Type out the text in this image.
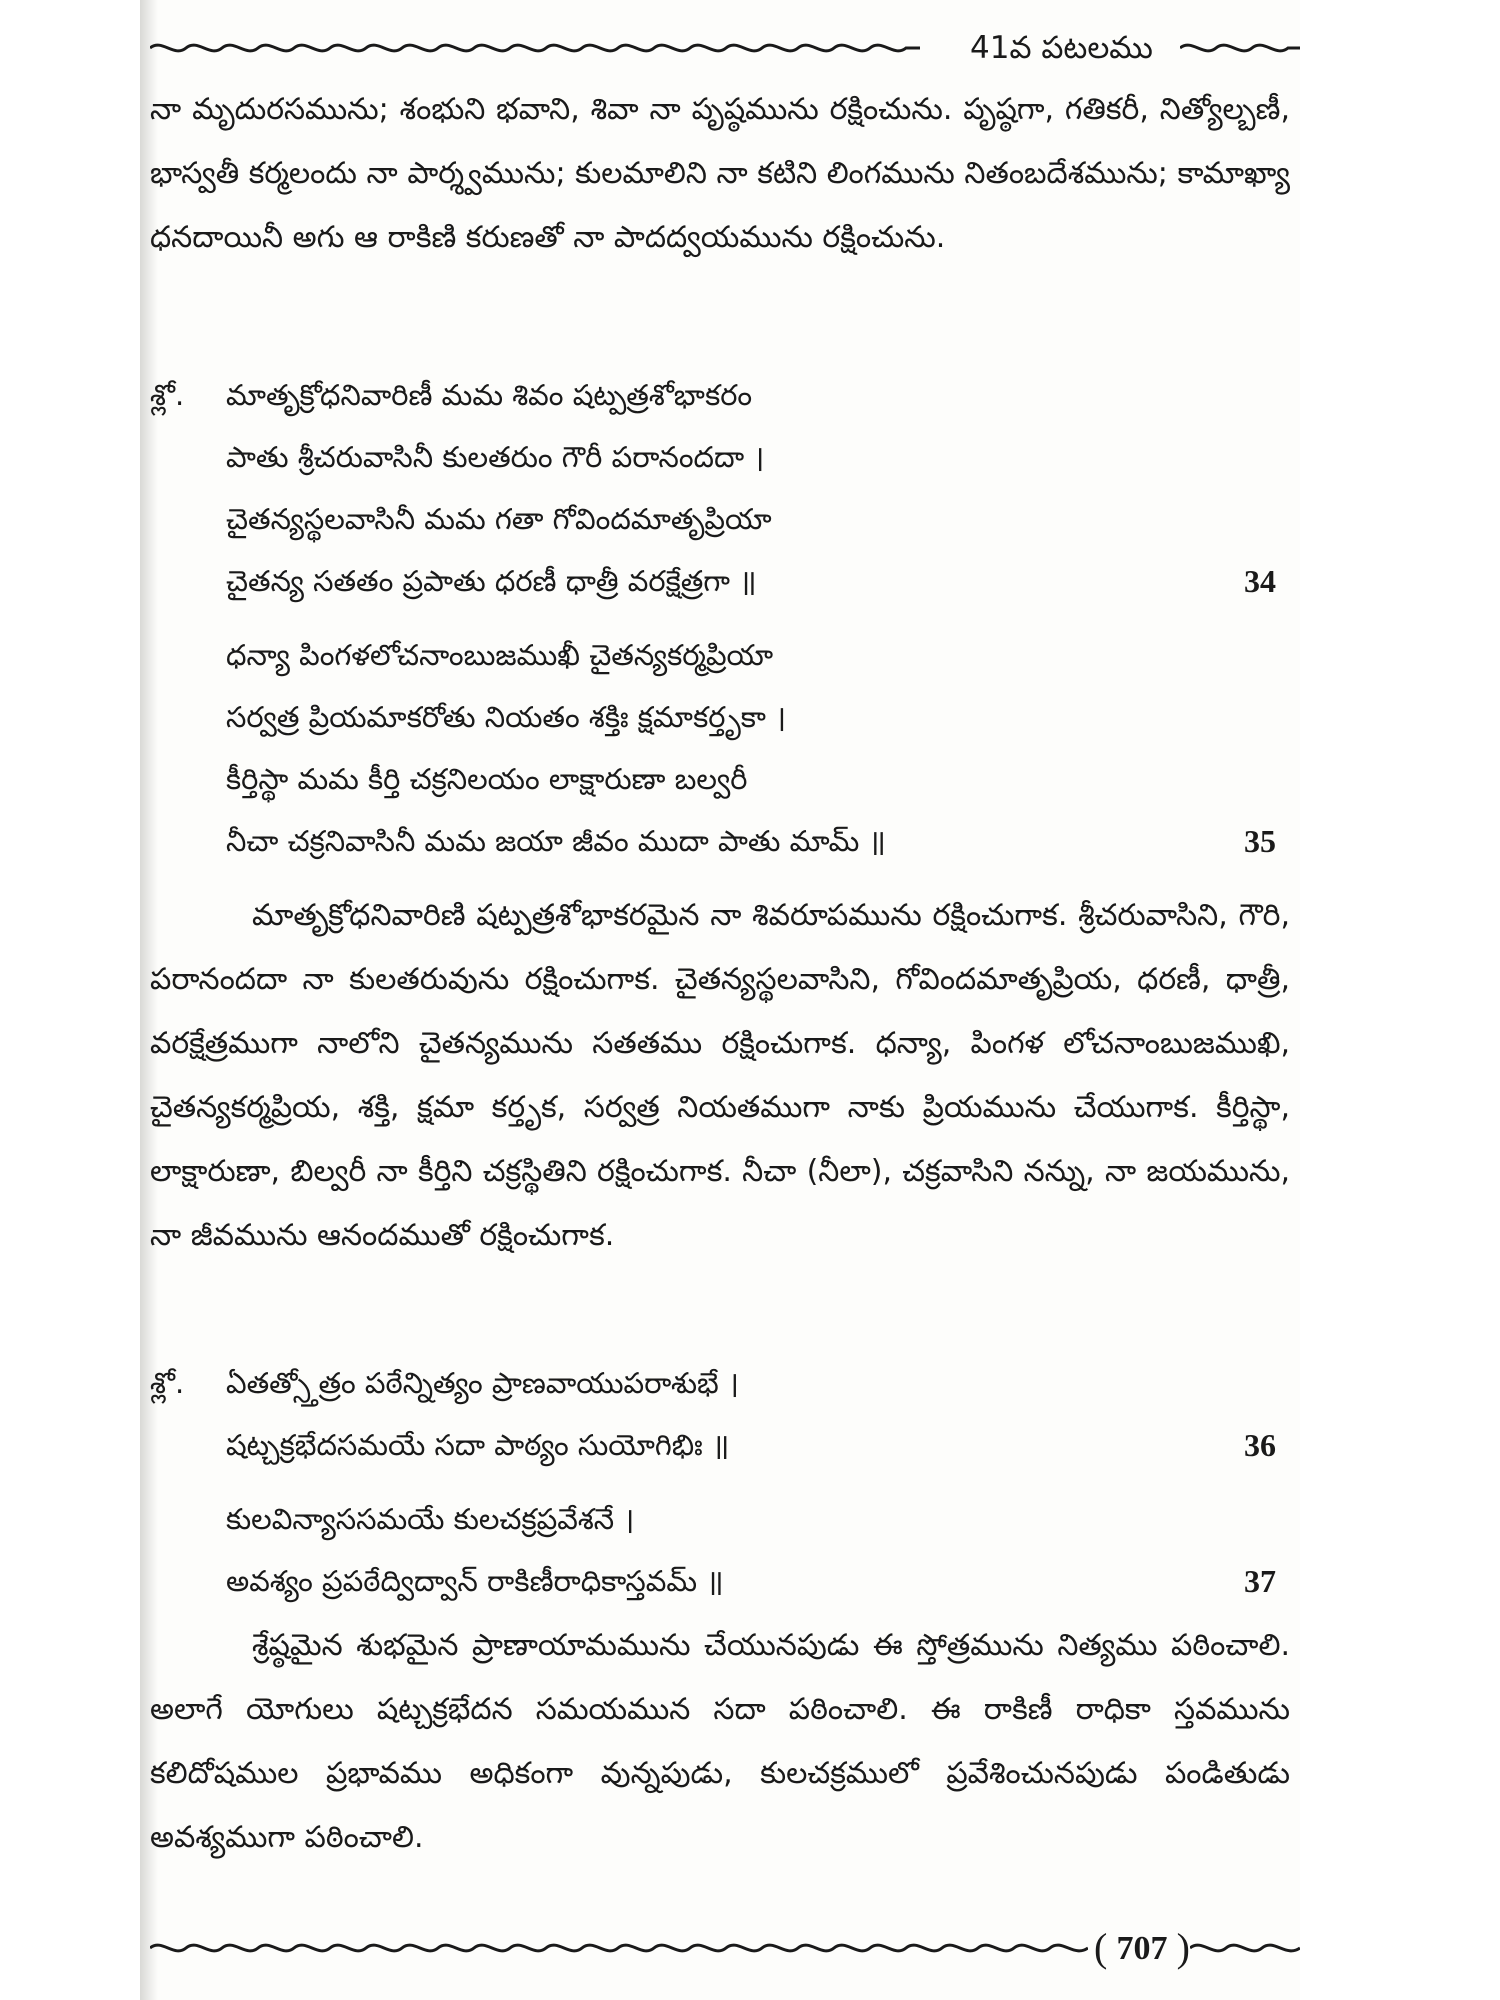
41వ పటలము

నా మృదురసమును; శంభుని భవాని, శివా నా పృష్ఠమును రక్షించును. పృష్ఠగా, గతికరీ, నిత్యోల్బణీ, భాస్వతీ కర్మలందు నా పార్శ్వమును; కులమాలిని నా కటిని లింగమును నితంబదేశమును; కామాఖ్యా ధనదాయినీ అగు ఆ రాకిణి కరుణతో నా పాదద్వయమును రక్షించును.

శ్లో. మాతృక్రోధనివారిణీ మమ శివం షట్పత్రశోభాకరం
పాతు శ్రీచరువాసినీ కులతరుం గౌరీ పరానందదా ।
చైతన్యస్థలవాసినీ మమ గతా గోవిందమాతృప్రియా
చైతన్య సతతం ప్రపాతు ధరణీ ధాత్రీ వరక్షేత్రగా ॥	34
ధన్యా పింగళలోచనాంబుజముఖీ చైతన్యకర్మప్రియా
సర్వత్ర ప్రియమాకరోతు నియతం శక్తిః క్షమాకర్తృకా ।
కీర్తిస్థా మమ కీర్తి చక్రనిలయం లాక్షారుణా బల్వరీ
నీచా చక్రనివాసినీ మమ జయా జీవం ముదా పాతు మామ్ ॥	35

మాతృక్రోధనివారిణి షట్పత్రశోభాకరమైన నా శివరూపమును రక్షించుగాక. శ్రీచరువాసిని, గౌరి, పరానందదా నా కులతరువును రక్షించుగాక. చైతన్యస్థలవాసిని, గోవిందమాతృప్రియ, ధరణీ, ధాత్రీ, వరక్షేత్రముగా నాలోని చైతన్యమును సతతము రక్షించుగాక. ధన్యా, పింగళ లోచనాంబుజముఖి, చైతన్యకర్మప్రియ, శక్తి, క్షమా కర్తృక, సర్వత్ర నియతముగా నాకు ప్రియమును చేయుగాక. కీర్తిస్థా, లాక్షారుణా, బిల్వరీ నా కీర్తిని చక్రస్థితిని రక్షించుగాక. నీచా (నీలా), చక్రవాసిని నన్ను, నా జయమును, నా జీవమును ఆనందముతో రక్షించుగాక.

శ్లో. ఏతత్స్తోత్రం పఠేన్నిత్యం ప్రాణవాయుపరాశుభే ।
షట్చక్రభేదసమయే సదా పాఠ్యం సుయోగిభిః ॥	36
కులవిన్యాససమయే కులచక్రప్రవేశనే ।
అవశ్యం ప్రపఠేద్విద్వాన్ రాకిణీరాధికాస్తవమ్ ॥	37

శ్రేష్ఠమైన శుభమైన ప్రాణాయామమును చేయునపుడు ఈ స్తోత్రమును నిత్యము పఠించాలి. అలాగే యోగులు షట్చక్రభేదన సమయమున సదా పఠించాలి. ఈ రాకిణీ రాధికా స్తవమును కలిదోషముల ప్రభావము అధికంగా వున్నపుడు, కులచక్రములో ప్రవేశించునపుడు పండితుడు అవశ్యముగా పఠించాలి.

( 707 )
